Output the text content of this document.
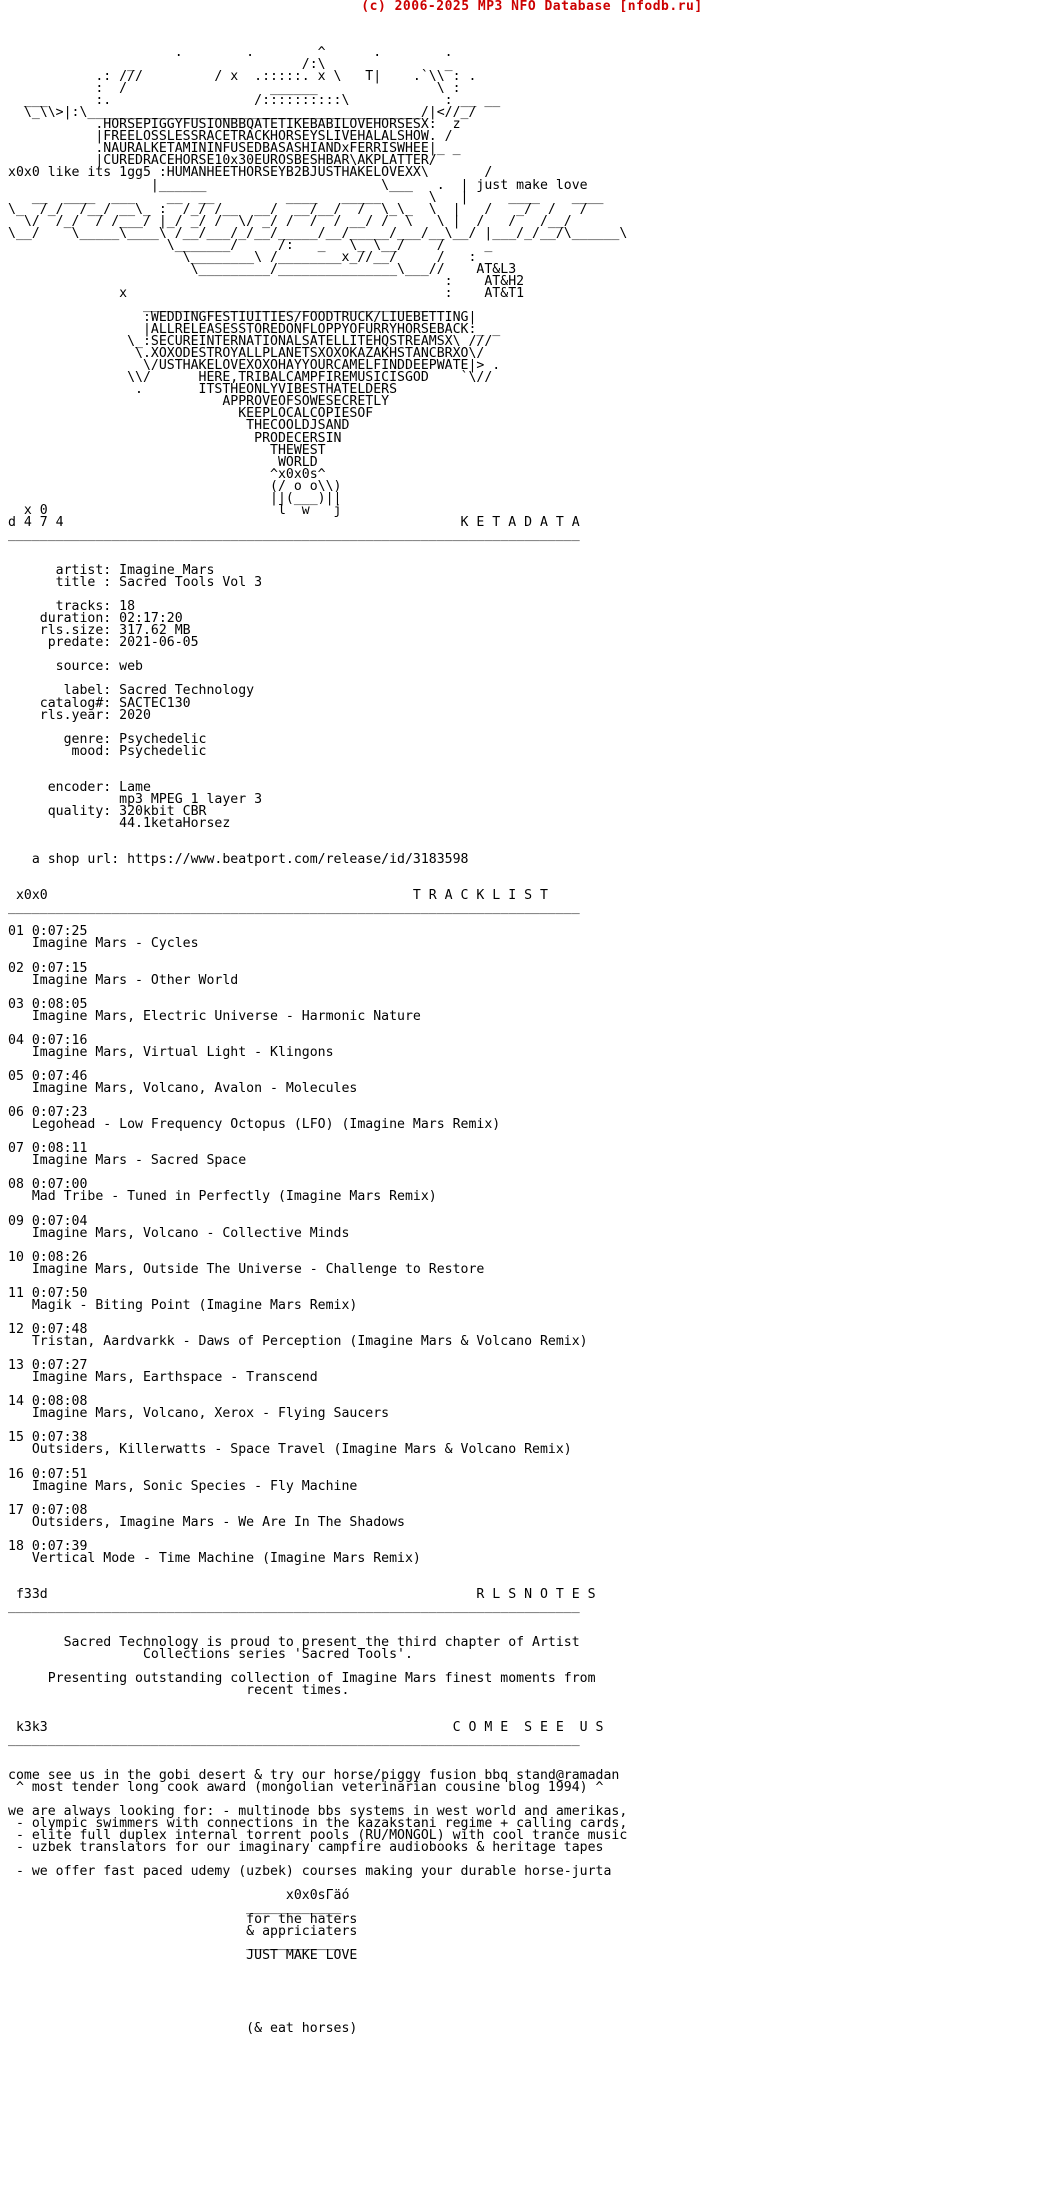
(c) 2006-2025 MP3 NFO Database [nfodb.ru]
.        .        ^      .        .
_                     /:\               _
.: ///         / x  .:::::. x \   T|    .`\\ : .
:  /                  ______               \ :
___      :.                  /::::::::::\            : __ __
\_\\>|:\__________________________________________/|<//_/
.HORSEPIGGYFUSIONBBQATETIKEBABILOVEHORSESX:  z
|FREELOSSLESSRACETRACKHORSEYSLIVEHALALSHOW. /
.NAURALKETAMININFUSEDBASASHIANDxFERRISWHEE|_ _
|CUREDRACEHORSE10x30EUROSBESHBAR\AKPLATTER/
x0x0 like its 1gg5 :HUMANHEETHORSEYB2BJUSTHAKELOVEXX\       /
|______                      \___   .  | just make love
__  ____  ___    __  __         ____   _____      \   |     ____    ____
\_  /_/  /__/ __\_ :  /_/ /__  __/  __/__/  /  \_\_  \  |   /   _/  /   /
\/  /_/  / /___/ |_/ _/ /  \/ _/ /  /  / __/ /  \   \ |  /   /   /__/
\__/    \_____\____\ /__/___/_/__/_____/__/_____/___/__\__/ |___/_/__/\______\
\_______/     /:   _   \_ \__/    /     _
\________\ /________x_//__/     /   :
\_________/_______________\___//    AT&L3
:    AT&H2
x                                        :    AT&T1
____________________________________
:WEDDINGFESTIUITIES/FOODTRUCK/LIUEBETTING|
|ALLRELEASESSTOREDONFLOPPYOFURRYHORSEBACK:_ _
\_:SECUREINTERNATIONALSATELLITEHQSTREAMSX\ ///
\.XOXODESTROYALLPLANETSXOXOKAZAKHSTANCBRXO\/
\/USTHAKELOVEXOXOHAYYOURCAMELFINDDEEPWATE|> .
\\/      HERE,TRIBALCAMPFIREMUSICISGOD    `\//
.       ITSTHEONLYVIBESTHATELDERS
APPROVEOFSOWESECRETLY
KEEPLOCALCOPIESOF
THECOOLDJSAND
PRODECERSIN
THEWEST
WORLD
^x0x0s^
(/ o o\\)
||(___)||
x 0                             l  w   j
d 4 7 4                                                  K E T A D A T A
________________________________________________________________________

artist: Imagine Mars
title : Sacred Tools Vol 3

tracks: 18
duration: 02:17:20
rls.size: 317.62 MB
predate: 2021-06-05

source: web

label: Sacred Technology
catalog#: SACTEC130
rls.year: 2020

genre: Psychedelic
mood: Psychedelic

encoder: Lame
mp3 MPEG 1 layer 3
quality: 320kbit CBR
44.1ketaHorsez

a shop url: https://www.beatport.com/release/id/3183598

x0x0                                              T R A C K L I S T
________________________________________________________________________

01 0:07:25
Imagine Mars - Cycles

02 0:07:15
Imagine Mars - Other World

03 0:08:05
Imagine Mars, Electric Universe - Harmonic Nature

04 0:07:16
Imagine Mars, Virtual Light - Klingons

05 0:07:46
Imagine Mars, Volcano, Avalon - Molecules

06 0:07:23
Legohead - Low Frequency Octopus (LFO) (Imagine Mars Remix)

07 0:08:11
Imagine Mars - Sacred Space

08 0:07:00
Mad Tribe - Tuned in Perfectly (Imagine Mars Remix)

09 0:07:04
Imagine Mars, Volcano - Collective Minds

10 0:08:26
Imagine Mars, Outside The Universe - Challenge to Restore

11 0:07:50
Magik - Biting Point (Imagine Mars Remix)

12 0:07:48
Tristan, Aardvarkk - Daws of Perception (Imagine Mars & Volcano Remix)

13 0:07:27
Imagine Mars, Earthspace - Transcend

14 0:08:08
Imagine Mars, Volcano, Xerox - Flying Saucers

15 0:07:38
Outsiders, Killerwatts - Space Travel (Imagine Mars & Volcano Remix)

16 0:07:51
Imagine Mars, Sonic Species - Fly Machine

17 0:07:08
Outsiders, Imagine Mars - We Are In The Shadows

18 0:07:39
Vertical Mode - Time Machine (Imagine Mars Remix)

f33d                                                      R L S N O T E S
________________________________________________________________________

Sacred Technology is proud to present the third chapter of Artist
Collections series 'Sacred Tools'.

Presenting outstanding collection of Imagine Mars finest moments from
recent times.

k3k3                                                   C O M E  S E E  U S
________________________________________________________________________

come see us in the gobi desert & try our horse/piggy fusion bbq stand@ramadan
^ most tender long cook award (mongolian veterinarian cousine blog 1994) ^

we are always looking for: - multinode bbs systems in west world and amerikas,
- olympic swimmers with connections in the kazakstani regime + calling cards,
- elite full duplex internal torrent pools (RU/MONGOL) with cool trance music
- uzbek translators for our imaginary campfire audiobooks & heritage tapes

- we offer fast paced udemy (uzbek) courses making your durable horse-jurta

x0x0sГäó
____________
for the haters
& appriciaters
____________
JUST MAKE LOVE

(& eat horses)
